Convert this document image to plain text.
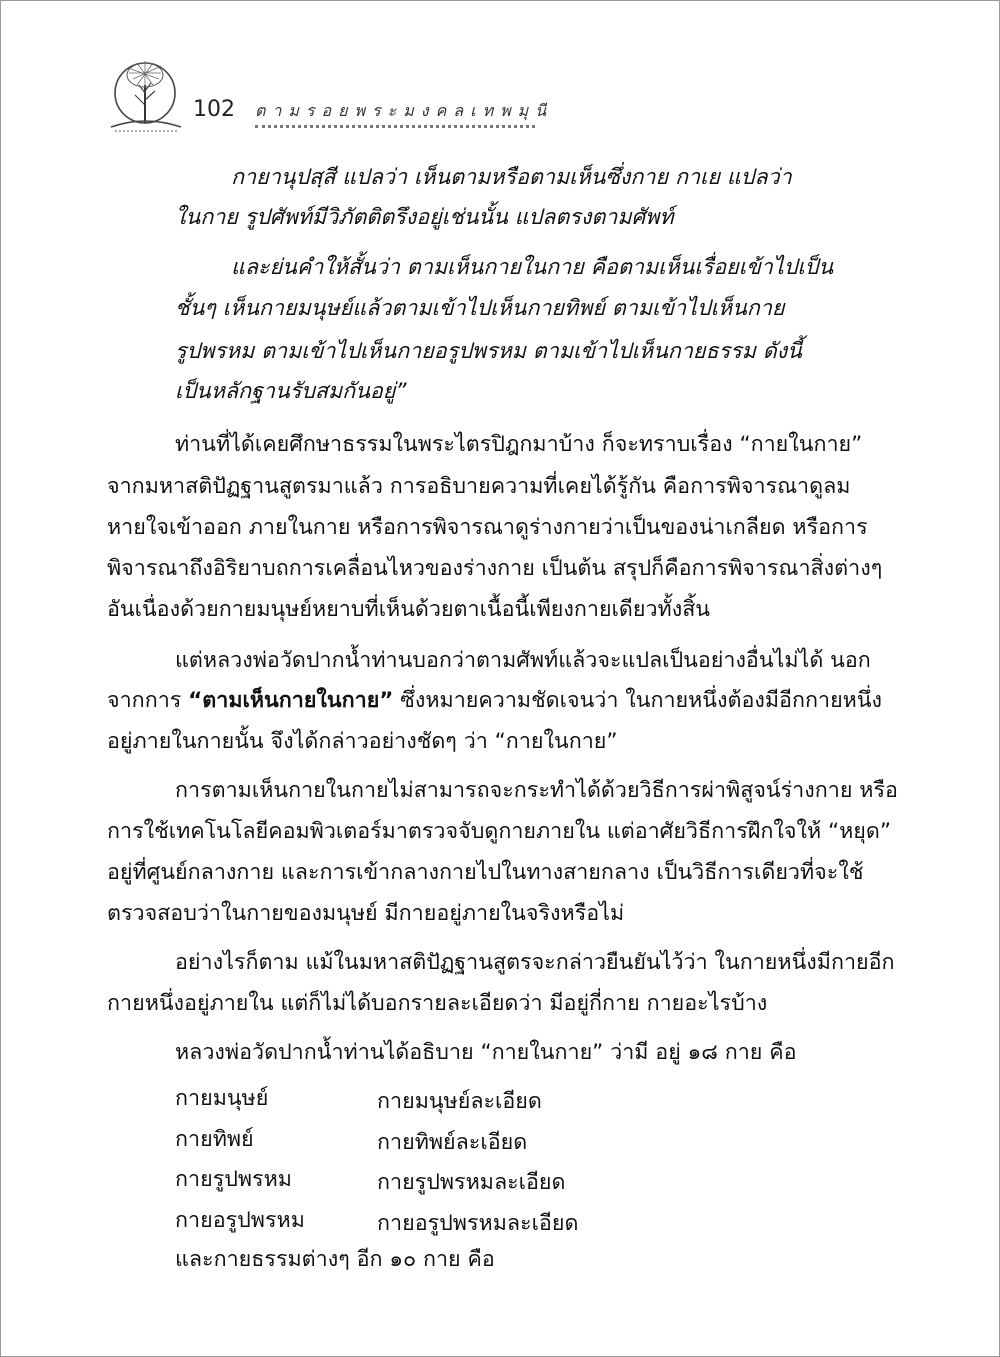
102 ตามรอยพระมงคลเทพมุนี
กายานุปสฺสี แปลว่า เห็นตามหรือตามเห็นซึ่งกาย กาเย แปลว่า
ในกาย รูปศัพท์มีวิภัตติตรึงอยู่เช่นนั้น แปลตรงตามศัพท์
และย่นคำให้สั้นว่า ตามเห็นกายในกาย คือตามเห็นเรื่อยเข้าไปเป็น
ชั้นๆ เห็นกายมนุษย์แล้วตามเข้าไปเห็นกายทิพย์ ตามเข้าไปเห็นกาย
รูปพรหม ตามเข้าไปเห็นกายอรูปพรหม ตามเข้าไปเห็นกายธรรม ดังนี้
เป็นหลักฐานรับสมกันอยู่”
ท่านที่ได้เคยศึกษาธรรมในพระไตรปิฎกมาบ้าง ก็จะทราบเรื่อง “กายในกาย”
จากมหาสติปัฏฐานสูตรมาแล้ว การอธิบายความที่เคยได้รู้กัน คือการพิจารณาดูลม
หายใจเข้าออก ภายในกาย หรือการพิจารณาดูร่างกายว่าเป็นของน่าเกลียด หรือการ
พิจารณาถึงอิริยาบถการเคลื่อนไหวของร่างกาย เป็นต้น สรุปก็คือการพิจารณาสิ่งต่างๆ
อันเนื่องด้วยกายมนุษย์หยาบที่เห็นด้วยตาเนื้อนี้เพียงกายเดียวทั้งสิ้น
แต่หลวงพ่อวัดปากน้ำท่านบอกว่าตามศัพท์แล้วจะแปลเป็นอย่างอื่นไม่ได้ นอก
จากการ “ตามเห็นกายในกาย” ซึ่งหมายความชัดเจนว่า ในกายหนึ่งต้องมีอีกกายหนึ่ง
อยู่ภายในกายนั้น จึงได้กล่าวอย่างชัดๆ ว่า “กายในกาย”
การตามเห็นกายในกายไม่สามารถจะกระทำได้ด้วยวิธีการผ่าพิสูจน์ร่างกาย หรือ
การใช้เทคโนโลยีคอมพิวเตอร์มาตรวจจับดูกายภายใน แต่อาศัยวิธีการฝึกใจให้ “หยุด”
อยู่ที่ศูนย์กลางกาย และการเข้ากลางกายไปในทางสายกลาง เป็นวิธีการเดียวที่จะใช้
ตรวจสอบว่าในกายของมนุษย์ มีกายอยู่ภายในจริงหรือไม่
อย่างไรก็ตาม แม้ในมหาสติปัฏฐานสูตรจะกล่าวยืนยันไว้ว่า ในกายหนึ่งมีกายอีก
กายหนึ่งอยู่ภายใน แต่ก็ไม่ได้บอกรายละเอียดว่า มีอยู่กี่กาย กายอะไรบ้าง
หลวงพ่อวัดปากน้ำท่านได้อธิบาย “กายในกาย” ว่ามี อยู่ ๑๘ กาย คือ
กายมนุษย์	กายมนุษย์ละเอียด
กายทิพย์	กายทิพย์ละเอียด
กายรูปพรหม	กายรูปพรหมละเอียด
กายอรูปพรหม	กายอรูปพรหมละเอียด
และกายธรรมต่างๆ อีก ๑๐ กาย คือ
